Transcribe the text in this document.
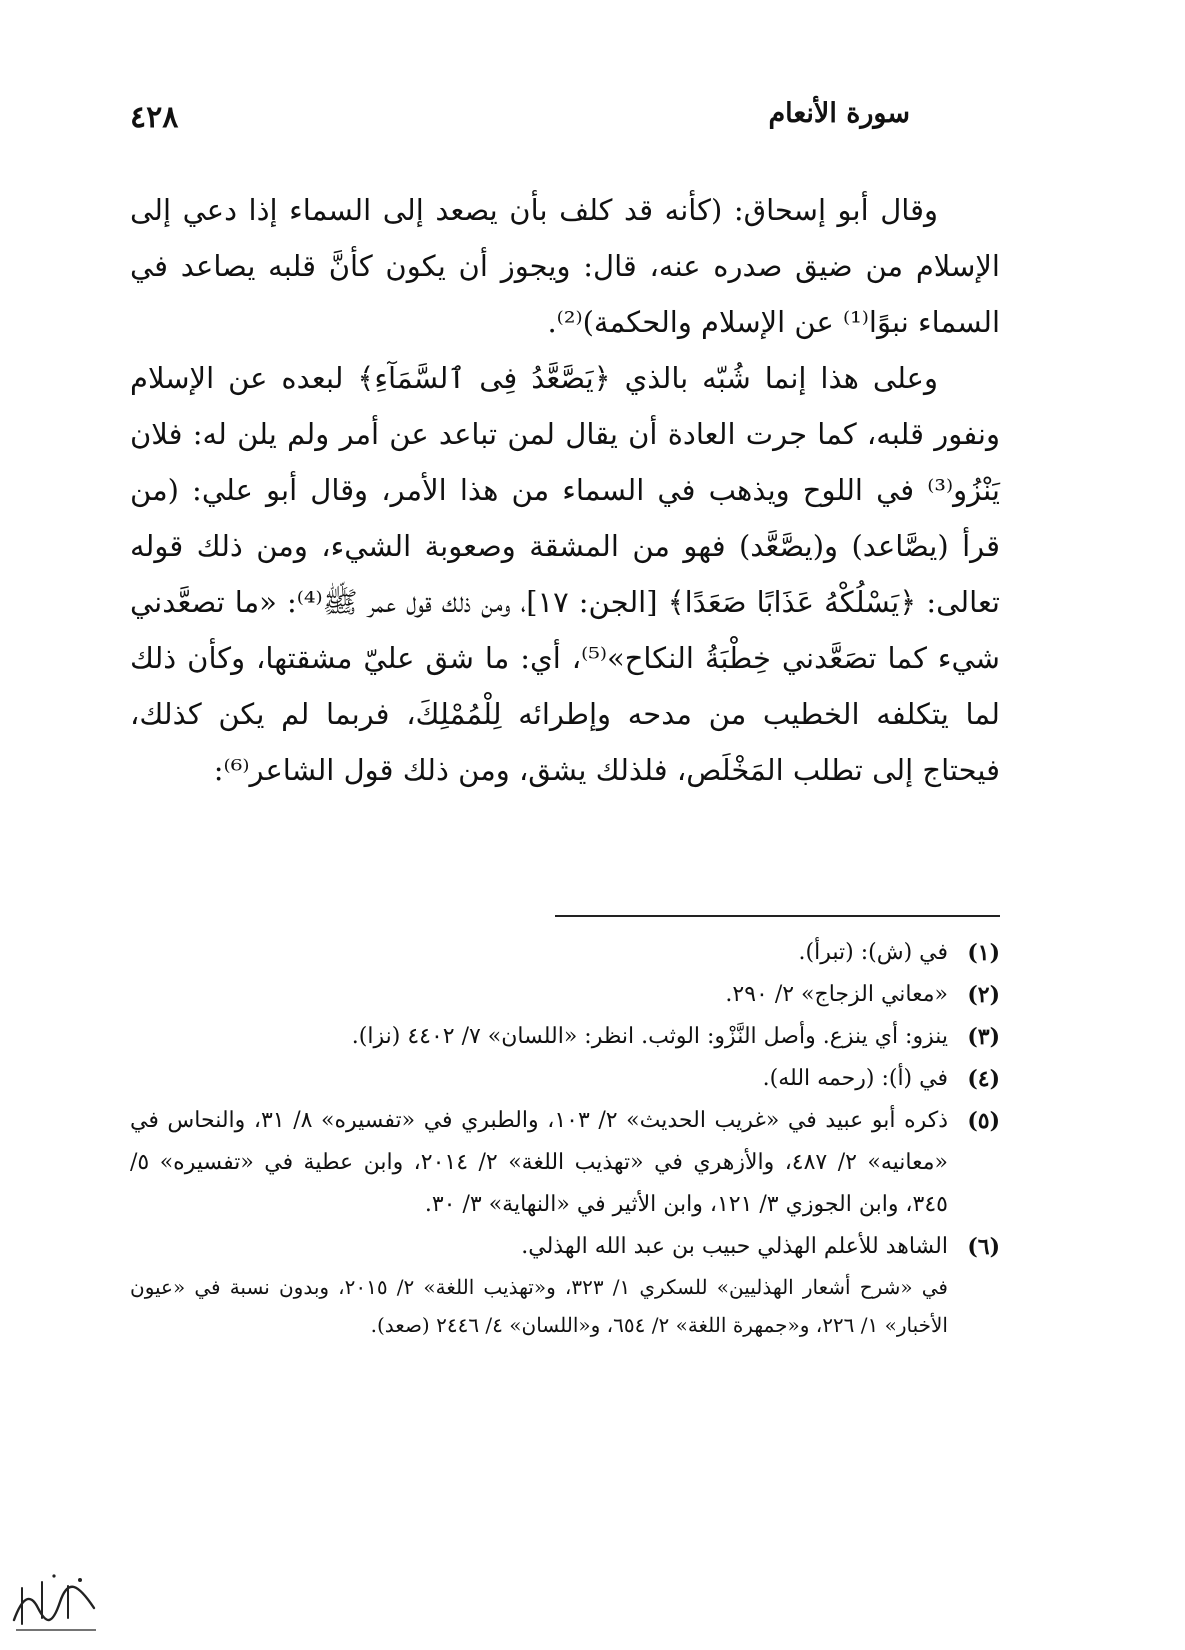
سورة الأنعام
٤٢٨

وقال أبو إسحاق: (كأنه قد كلف بأن يصعد إلى السماء إذا دعي إلى الإسلام من ضيق صدره عنه، قال: ويجوز أن يكون كأنَّ قلبه يصاعد في السماء نبوًا⁽¹⁾ عن الإسلام والحكمة)⁽²⁾.

وعلى هذا إنما شُبّه بالذي ﴿يَصَّعَّدُ فِى ٱلسَّمَآءِ﴾ لبعده عن الإسلام ونفور قلبه، كما جرت العادة أن يقال لمن تباعد عن أمر ولم يلن له: فلان يَنْزُو⁽³⁾ في اللوح ويذهب في السماء من هذا الأمر، وقال أبو علي: (من قرأ (يصَّاعد) و(يصَّعَّد) فهو من المشقة وصعوبة الشيء، ومن ذلك قوله تعالى: ﴿يَسْلُكْهُ عَذَابًا صَعَدًا﴾ [الجن: ١٧]، ومن ذلك قول عمر ﷺ⁽⁴⁾: «ما تصعَّدني شيء كما تصَعَّدني خِطْبَةُ النكاح»⁽⁵⁾، أي: ما شق عليّ مشقتها، وكأن ذلك لما يتكلفه الخطيب من مدحه وإطرائه لِلْمُمْلِكَ، فربما لم يكن كذلك، فيحتاج إلى تطلب المَخْلَص، فلذلك يشق، ومن ذلك قول الشاعر⁽⁶⁾:

(١)
في (ش): (تبرأ).
(٢)
«معاني الزجاج» ٢/ ٢٩٠.
(٣)
ينزو: أي ينزع. وأصل النَّزْو: الوثب. انظر: «اللسان» ٧/ ٤٤٠٢ (نزا).
(٤)
في (أ): (رحمه الله).
(٥)
ذكره أبو عبيد في «غريب الحديث» ٢/ ١٠٣، والطبري في «تفسيره» ٨/ ٣١، والنحاس في «معانيه» ٢/ ٤٨٧، والأزهري في «تهذيب اللغة» ٢/ ٢٠١٤، وابن عطية في «تفسيره» ٥/ ٣٤٥، وابن الجوزي ٣/ ١٢١، وابن الأثير في «النهاية» ٣/ ٣٠.
(٦)
الشاهد للأعلم الهذلي حبيب بن عبد الله الهذلي.
في «شرح أشعار الهذليين» للسكري ١/ ٣٢٣، و«تهذيب اللغة» ٢/ ٢٠١٥، وبدون نسبة في «عيون الأخبار» ١/ ٢٢٦، و«جمهرة اللغة» ٢/ ٦٥٤، و«اللسان» ٤/ ٢٤٤٦ (صعد).
